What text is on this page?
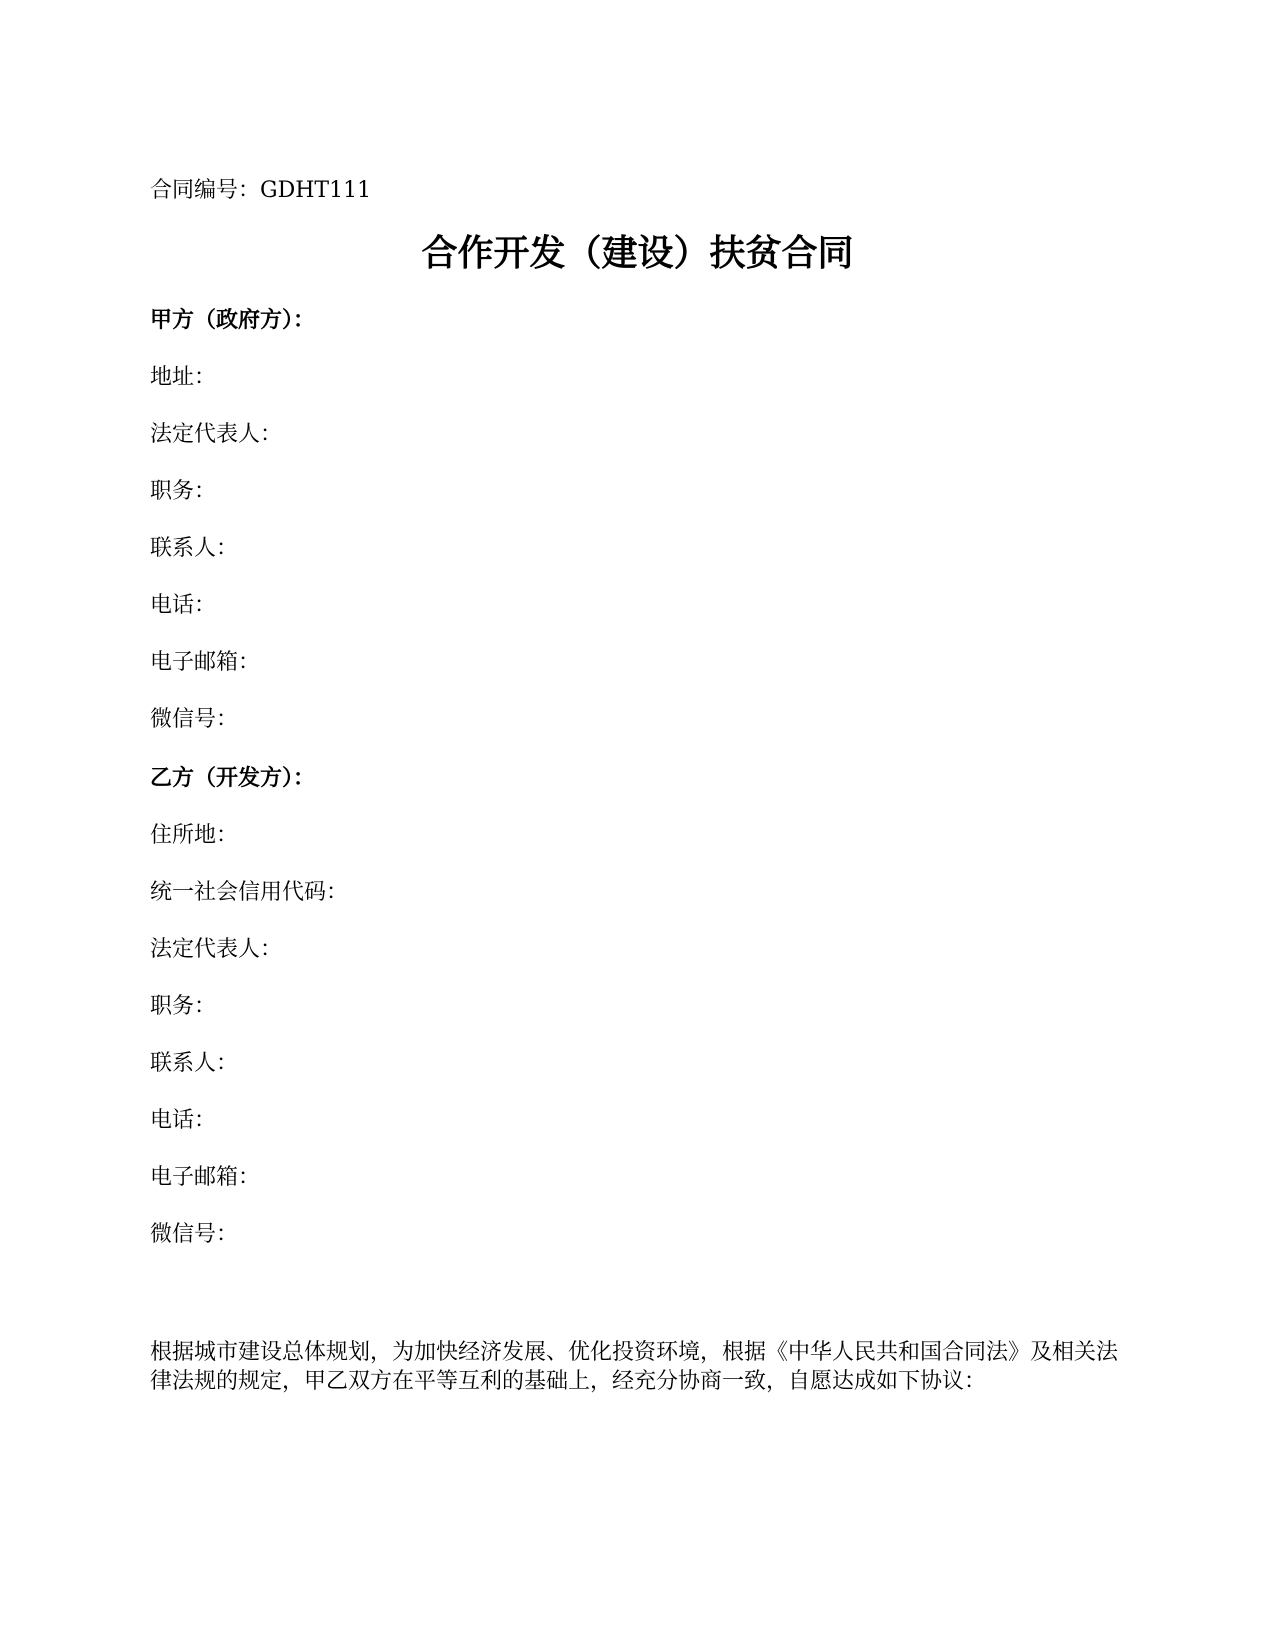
合同编号：GDHT111
合作开发（建设）扶贫合同
甲方（政府方）：
地址：
法定代表人：
职务：
联系人：
电话：
电子邮箱：
微信号：
乙方（开发方）：
住所地：
统一社会信用代码：
法定代表人：
职务：
联系人：
电话：
电子邮箱：
微信号：
根据城市建设总体规划，为加快经济发展、优化投资环境，根据《中华人民共和国合同法》及相关法律法规的规定，甲乙双方在平等互利的基础上，经充分协商一致，自愿达成如下协议：
